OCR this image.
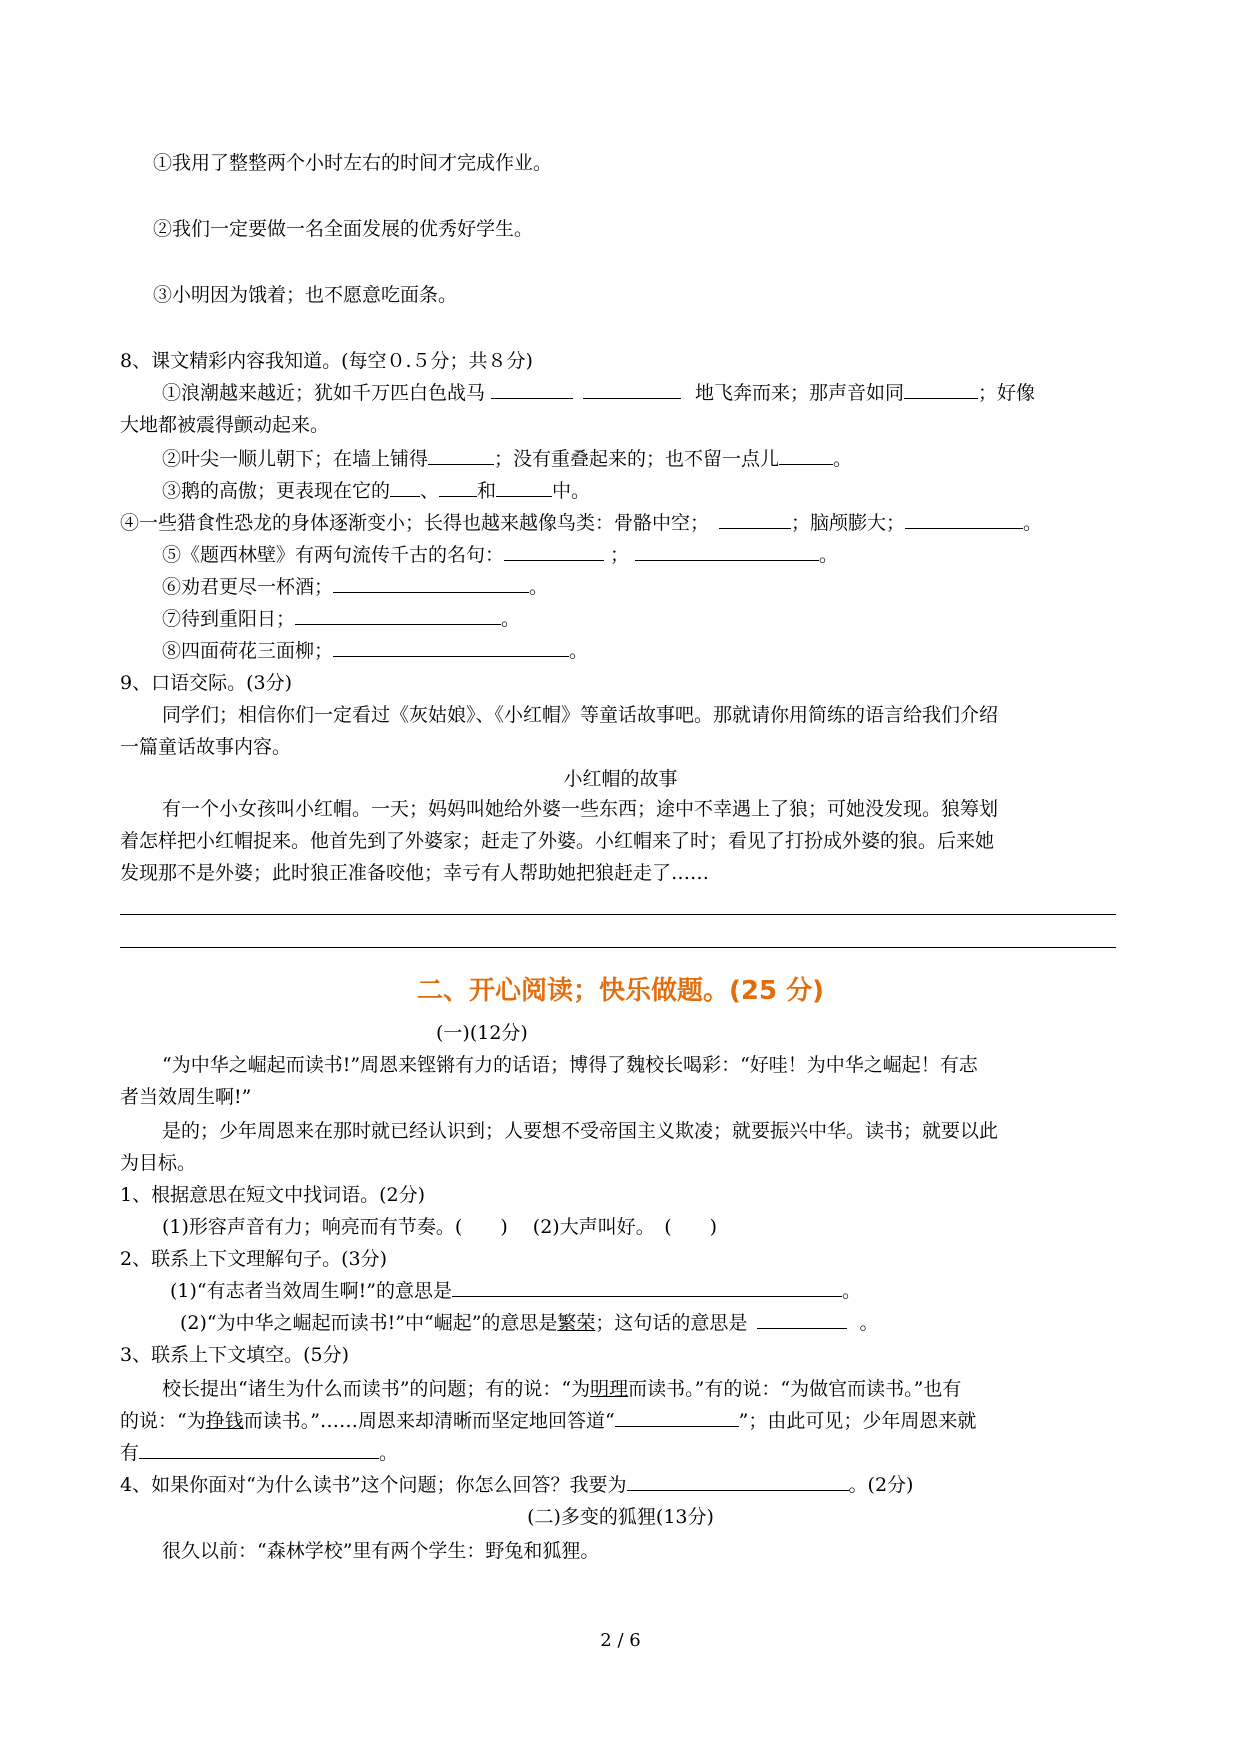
①我用了整整两个小时左右的时间才完成作业。
②我们一定要做一名全面发展的优秀好学生。
③小明因为饿着；也不愿意吃面条。
8、课文精彩内容我知道。(每空０.５分；共８分)
①浪潮越来越近；犹如千万匹白色战马	地飞奔而来；那声音如同	；好像
大地都被震得颤动起来。
②叶尖一顺儿朝下；在墙上铺得	；没有重叠起来的；也不留一点儿	。
③鹅的高傲；更表现在它的 、 和	中。
④一些猎食性恐龙的身体逐渐变小；长得也越来越像鸟类：骨骼中空；	；脑颅膨大；	。
⑤《题西林壁》有两句流传千古的名句：	；	。
⑥劝君更尽一杯酒；	。
⑦待到重阳日；	。
⑧四面荷花三面柳；	。
9、口语交际。(3分)
同学们；相信你们一定看过《灰姑娘》、《小红帽》等童话故事吧。那就请你用简练的语言给我们介绍
一篇童话故事内容。
小红帽的故事
有一个小女孩叫小红帽。一天；妈妈叫她给外婆一些东西；途中不幸遇上了狼；可她没发现。狼筹划
着怎样把小红帽捉来。他首先到了外婆家；赶走了外婆。小红帽来了时；看见了打扮成外婆的狼。后来她
发现那不是外婆；此时狼正准备咬他；幸亏有人帮助她把狼赶走了……
二、开心阅读；快乐做题。(25 分)
(一)(12分)
“为中华之崛起而读书!”周恩来铿锵有力的话语；博得了魏校长喝彩：“好哇！为中华之崛起！有志
者当效周生啊!”
是的；少年周恩来在那时就已经认识到；人要想不受帝国主义欺凌；就要振兴中华。读书；就要以此
为目标。
1、根据意思在短文中找词语。(2分)
(1)形容声音有力；响亮而有节奏。(　　)　 (2)大声叫好。　(　　)
2、联系上下文理解句子。(3分)
(1)“有志者当效周生啊!”的意思是	。
(2)“为中华之崛起而读书!”中“崛起”的意思是繁荣；这句话的意思是	。
3、联系上下文填空。(5分)
校长提出“诸生为什么而读书”的问题；有的说：“为明理而读书。”有的说：“为做官而读书。”也有
的说：“为挣钱而读书。”……周恩来却清晰而坚定地回答道“	”；由此可见；少年周恩来就
有	。
4、如果你面对“为什么读书”这个问题；你怎么回答？我要为	。(2分)
(二)多变的狐狸(13分)
很久以前：“森林学校”里有两个学生：野兔和狐狸。
2 / 6
